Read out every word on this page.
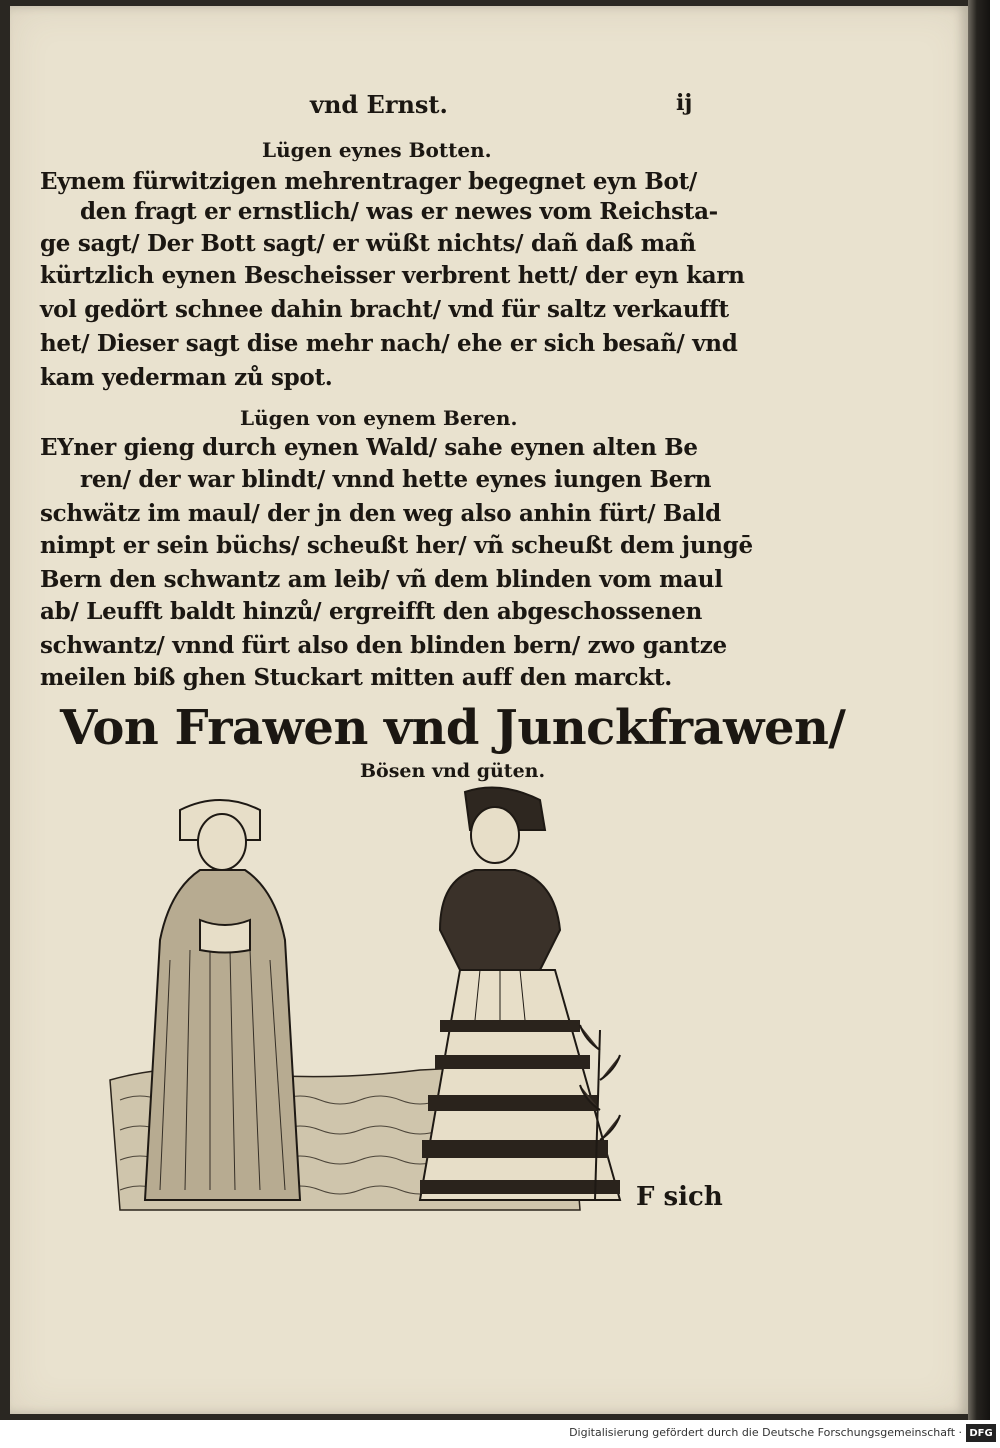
vnd Ernst.	ij
Lügen eynes Botten.
Eynem fürwitzigen mehrentrager begegnet eyn Bot/
den fragt er ernstlich/ was er newes vom Reichsta-
ge sagt/ Der Bott sagt/ er wüßt nichts/ dañ daß mañ
kürtzlich eynen Bescheisser verbrent hett/ der eyn karn
vol gedört schnee dahin bracht/ vnd für saltz verkaufft
het/ Dieser sagt dise mehr nach/ ehe er sich besañ/ vnd
kam yederman zů spot.
Lügen von eynem Beren.
EYner gieng durch eynen Wald/ sahe eynen alten Be
ren/ der war blindt/ vnnd hette eynes iungen Bern
schwätz im maul/ der jn den weg also anhin fürt/ Bald
nimpt er sein büchs/ scheußt her/ vñ scheußt dem jungē
Bern den schwantz am leib/ vñ dem blinden vom maul
ab/ Leufft baldt hinzů/ ergreifft den abgeschossenen
schwantz/ vnnd fürt also den blinden bern/ zwo gantze
meilen biß ghen Stuckart mitten auff den marckt.
Von Frawen vnd Junckfrawen/
Bösen vnd güten.
F sich
Digitalisierung gefördert durch die Deutsche Forschungsgemeinschaft · DFG
